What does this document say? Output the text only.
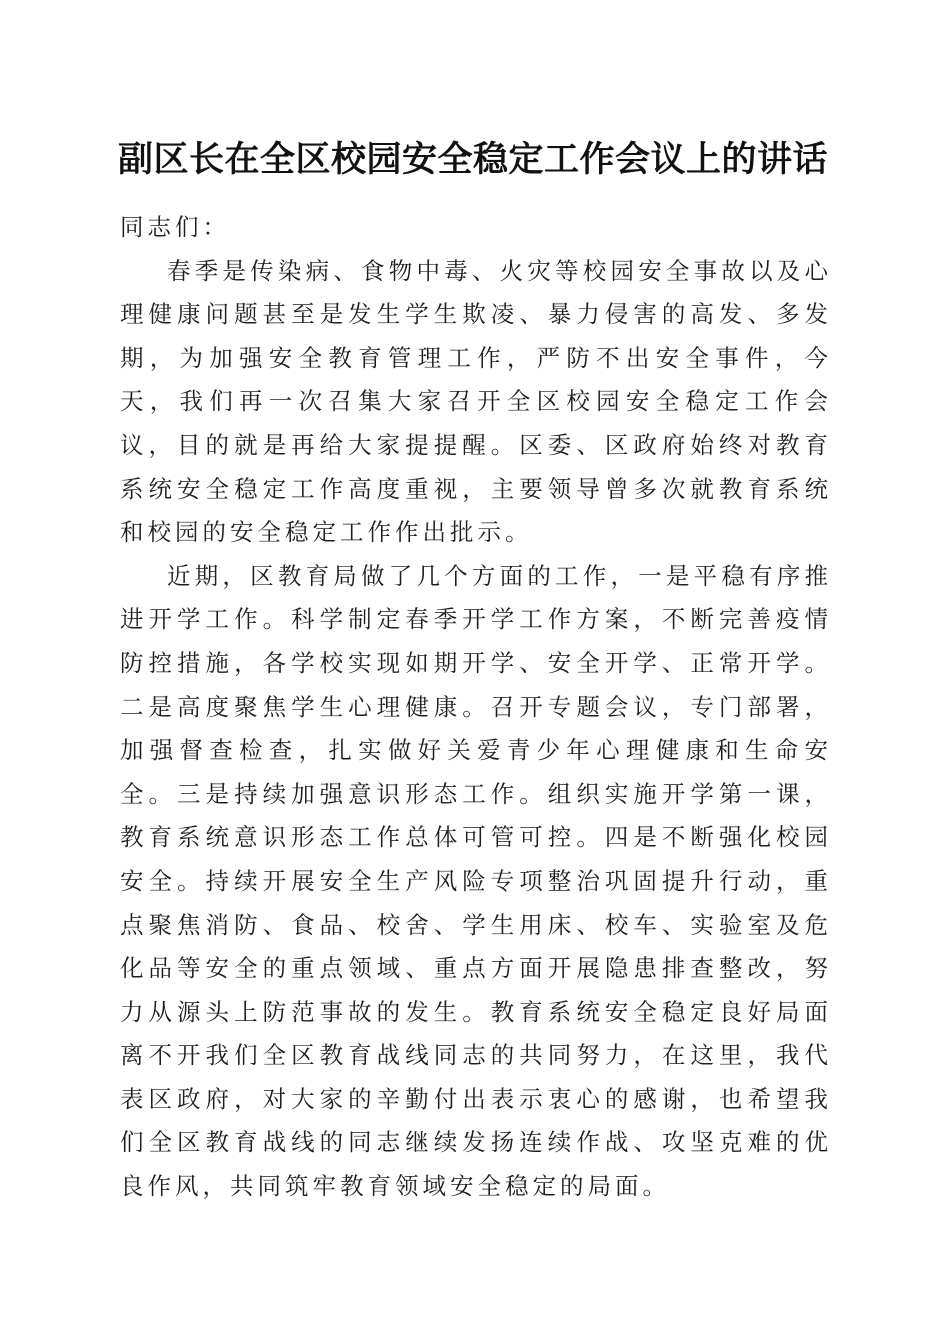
副区长在全区校园安全稳定工作会议上的讲话

同志们：

春季是传染病、食物中毒、火灾等校园安全事故以及心理健康问题甚至是发生学生欺凌、暴力侵害的高发、多发期，为加强安全教育管理工作，严防不出安全事件，今天，我们再一次召集大家召开全区校园安全稳定工作会议，目的就是再给大家提提醒。区委、区政府始终对教育系统安全稳定工作高度重视，主要领导曾多次就教育系统和校园的安全稳定工作作出批示。

近期，区教育局做了几个方面的工作，一是平稳有序推进开学工作。科学制定春季开学工作方案，不断完善疫情防控措施，各学校实现如期开学、安全开学、正常开学。二是高度聚焦学生心理健康。召开专题会议，专门部署，加强督查检查，扎实做好关爱青少年心理健康和生命安全。三是持续加强意识形态工作。组织实施开学第一课，教育系统意识形态工作总体可管可控。四是不断强化校园安全。持续开展安全生产风险专项整治巩固提升行动，重点聚焦消防、食品、校舍、学生用床、校车、实验室及危化品等安全的重点领域、重点方面开展隐患排查整改，努力从源头上防范事故的发生。教育系统安全稳定良好局面离不开我们全区教育战线同志的共同努力，在这里，我代表区政府，对大家的辛勤付出表示衷心的感谢，也希望我们全区教育战线的同志继续发扬连续作战、攻坚克难的优良作风，共同筑牢教育领域安全稳定的局面。
